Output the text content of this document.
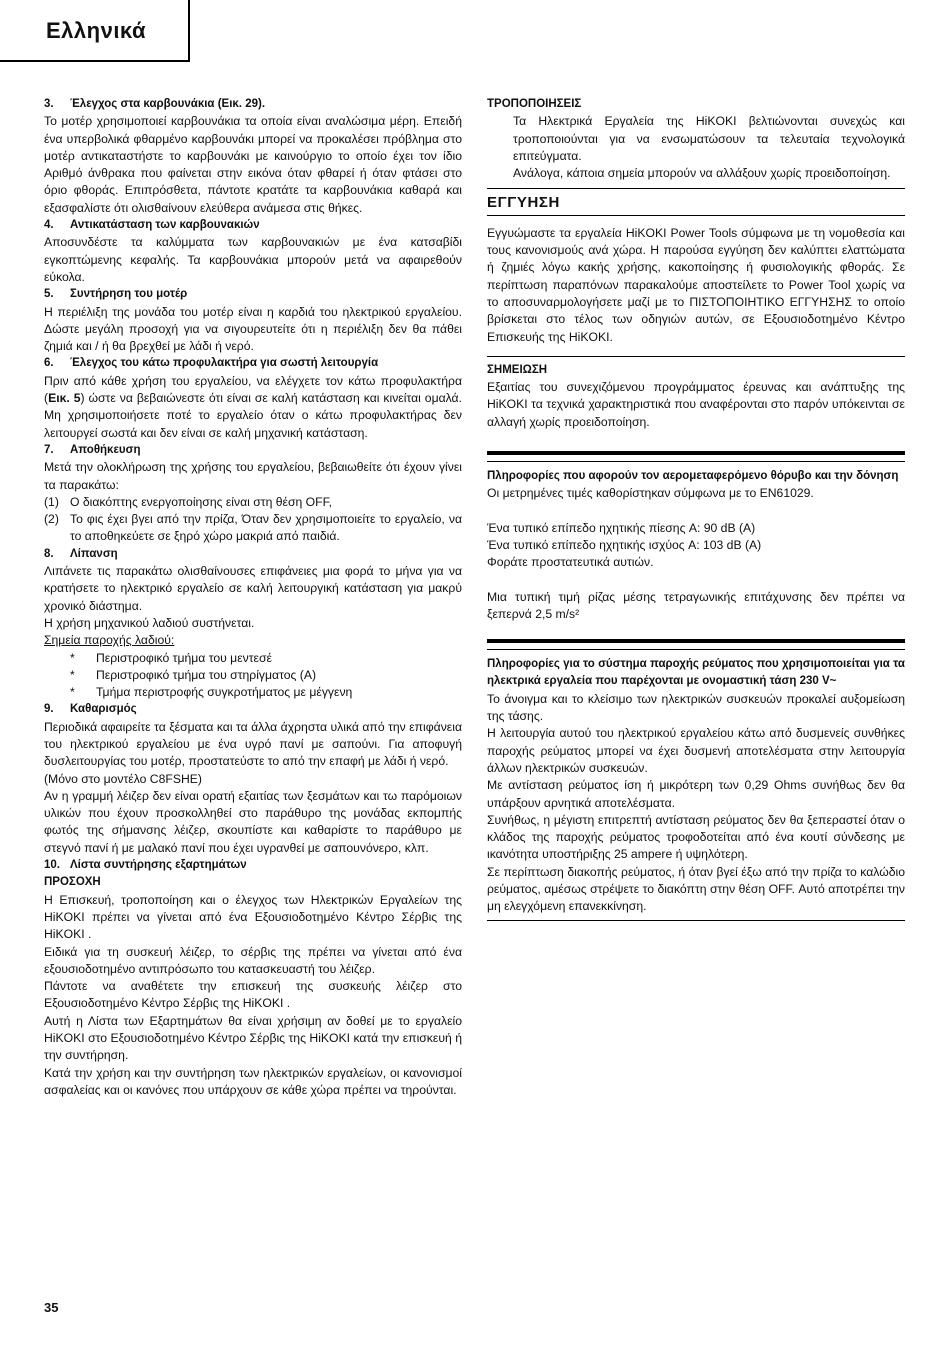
Ελληνικά
3. Έλεγχος στα καρβουνάκια (Εικ. 29).

Το μοτέρ χρησιμοποιεί καρβουνάκια τα οποία είναι αναλώσιμα μέρη. Επειδή ένα υπερβολικά φθαρμένο καρβουνάκι μπορεί να προκαλέσει πρόβλημα στο μοτέρ αντικαταστήστε το καρβουνάκι με καινούργιο το οποίο έχει τον ίδιο Αριθμό άνθρακα που φαίνεται στην εικόνα όταν φθαρεί ή όταν φτάσει στο όριο φθοράς. Επιπρόσθετα, πάντοτε κρατάτε τα καρβουνάκια καθαρά και εξασφαλίστε ότι ολισθαίνουν ελεύθερα ανάμεσα στις θήκες.

4. Αντικατάσταση των καρβουνακιών

Αποσυνδέστε τα καλύμματα των καρβουνακιών με ένα κατσαβίδι εγκοπτώμενης κεφαλής. Τα καρβουνάκια μπορούν μετά να αφαιρεθούν εύκολα.

5. Συντήρηση του μοτέρ

Η περιέλιξη της μονάδα του μοτέρ είναι η καρδιά του ηλεκτρικού εργαλείου. Δώστε μεγάλη προσοχή για να σιγουρευτείτε ότι η περιέλιξη δεν θα πάθει ζημιά και / ή θα βρεχθεί με λάδι ή νερό.

6. Έλεγχος του κάτω προφυλακτήρα για σωστή λειτουργία

Πριν από κάθε χρήση του εργαλείου, να ελέγχετε τον κάτω προφυλακτήρα (Εικ. 5) ώστε να βεβαιώνεστε ότι είναι σε καλή κατάσταση και κινείται ομαλά. Μη χρησιμοποιήσετε ποτέ το εργαλείο όταν ο κάτω προφυλακτήρας δεν λειτουργεί σωστά και δεν είναι σε καλή μηχανική κατάσταση.

7. Αποθήκευση

Μετά την ολοκλήρωση της χρήσης του εργαλείου, βεβαιωθείτε ότι έχουν γίνει τα παρακάτω:

(1) Ο διακόπτης ενεργοποίησης είναι στη θέση OFF,
(2) Το φις έχει βγει από την πρίζα, Όταν δεν χρησιμοποιείτε το εργαλείο, να το αποθηκεύετε σε ξηρό χώρο μακριά από παιδιά.
8. Λίπανση

Λιπάνετε τις παρακάτω ολισθαίνουσες επιφάνειες μια φορά το μήνα για να κρατήσετε το ηλεκτρικό εργαλείο σε καλή λειτουργική κατάσταση για μακρύ χρονικό διάστημα.

Η χρήση μηχανικού λαδιού συστήνεται.

Σημεία παροχής λαδιού:

* Περιστροφικό τμήμα του μεντεσέ
* Περιστροφικό τμήμα του στηρίγματος (Α)
* Τμήμα περιστροφής συγκροτήματος με μέγγενη
9. Καθαρισμός

Περιοδικά αφαιρείτε τα ξέσματα και τα άλλα άχρηστα υλικά από την επιφάνεια του ηλεκτρικού εργαλείου με ένα υγρό πανί με σαπούνι. Για αποφυγή δυσλειτουργίας του μοτέρ, προστατεύστε το από την επαφή με λάδι ή νερό.

(Μόνο στο μοντέλο C8FSHE)

Αν η γραμμή λέιζερ δεν είναι ορατή εξαιτίας των ξεσμάτων και τω παρόμοιων υλικών που έχουν προσκολληθεί στο παράθυρο της μονάδας εκπομπής φωτός της σήμανσης λέιζερ, σκουπίστε και καθαρίστε το παράθυρο με στεγνό πανί ή με μαλακό πανί που έχει υγρανθεί με σαπουνόνερο, κλπ.

10. Λίστα συντήρησης εξαρτημάτων
ΠΡΟΣΟΧΗ

Η Επισκευή, τροποποίηση και ο έλεγχος των Ηλεκτρικών Εργαλείων της HiKOKI πρέπει να γίνεται από ένα Εξουσιοδοτημένο Κέντρο Σέρβις της HiKOKI .

Ειδικά για τη συσκευή λέιζερ, το σέρβις της πρέπει να γίνεται από ένα εξουσιοδοτημένο αντιπρόσωπο του κατασκευαστή του λέιζερ.

Πάντοτε να αναθέτετε την επισκευή της συσκευής λέιζερ στο Εξουσιοδοτημένο Κέντρο Σέρβις της HiKOKI .

Αυτή η Λίστα των Εξαρτημάτων θα είναι χρήσιμη αν δοθεί με το εργαλείο HiKOKI στο Εξουσιοδοτημένο Κέντρο Σέρβις της HiKOKI κατά την επισκευή ή την συντήρηση.

Κατά την χρήση και την συντήρηση των ηλεκτρικών εργαλείων, οι κανονισμοί ασφαλείας και οι κανόνες που υπάρχουν σε κάθε χώρα πρέπει να τηρούνται.

ΤΡΟΠΟΠΟΙΗΣΕΙΣ

Τα Ηλεκτρικά Εργαλεία της HiKOKI βελτιώνονται συνεχώς και τροποποιούνται για να ενσωματώσουν τα τελευταία τεχνολογικά επιτεύγματα.

Ανάλογα, κάποια σημεία μπορούν να αλλάξουν χωρίς προειδοποίηση.

ΕΓΓΥΗΣΗ

Εγγυώμαστε τα εργαλεία HiKOKI Power Tools σύμφωνα με τη νομοθεσία και τους κανονισμούς ανά χώρα. Η παρούσα εγγύηση δεν καλύπτει ελαττώματα ή ζημιές λόγω κακής χρήσης, κακοποίησης ή φυσιολογικής φθοράς. Σε περίπτωση παραπόνων παρακαλούμε αποστείλετε το Power Tool χωρίς να το αποσυναρμολογήσετε μαζί με το ΠΙΣΤΟΠΟΙΗΤΙΚΟ ΕΓΓΥΗΣΗΣ το οποίο βρίσκεται στο τέλος των οδηγιών αυτών, σε Εξουσιοδοτημένο Κέντρο Επισκευής της HiKOKI.

ΣΗΜΕΙΩΣΗ

Εξαιτίας του συνεχιζόμενου προγράμματος έρευνας και ανάπτυξης της HiKOKI τα τεχνικά χαρακτηριστικά που αναφέρονται στο παρόν υπόκεινται σε αλλαγή χωρίς προειδοποίηση.

Πληροφορίες που αφορούν τον αερομεταφερόμενο θόρυβο και την δόνηση

Οι μετρημένες τιμές καθορίστηκαν σύμφωνα με το EN61029.

Ένα τυπικό επίπεδο ηχητικής πίεσης A: 90 dB (A)

Ένα τυπικό επίπεδο ηχητικής ισχύος A: 103 dB (A)

Φοράτε προστατευτικά αυτιών.

Μια τυπική τιμή ρίζας μέσης τετραγωνικής επιτάχυνσης δεν πρέπει να ξεπερνά 2,5 m/s²

Πληροφορίες για το σύστημα παροχής ρεύματος που χρησιμοποιείται για τα ηλεκτρικά εργαλεία που παρέχονται με ονομαστική τάση 230 V~

Το άνοιγμα και το κλείσιμο των ηλεκτρικών συσκευών προκαλεί αυξομείωση της τάσης.

Η λειτουργία αυτού του ηλεκτρικού εργαλείου κάτω από δυσμενείς συνθήκες παροχής ρεύματος μπορεί να έχει δυσμενή αποτελέσματα στην λειτουργία άλλων ηλεκτρικών συσκευών.

Με αντίσταση ρεύματος ίση ή μικρότερη των 0,29 Ohms συνήθως δεν θα υπάρξουν αρνητικά αποτελέσματα.

Συνήθως, η μέγιστη επιτρεπτή αντίσταση ρεύματος δεν θα ξεπεραστεί όταν ο κλάδος της παροχής ρεύματος τροφοδοτείται από ένα κουτί σύνδεσης με ικανότητα υποστήριξης 25 ampere ή υψηλότερη.

Σε περίπτωση διακοπής ρεύματος, ή όταν βγεί έξω από την πρίζα το καλώδιο ρεύματος, αμέσως στρέψετε το διακόπτη στην θέση OFF. Αυτό αποτρέπει την μη ελεγχόμενη επανεκκίνηση.

35
